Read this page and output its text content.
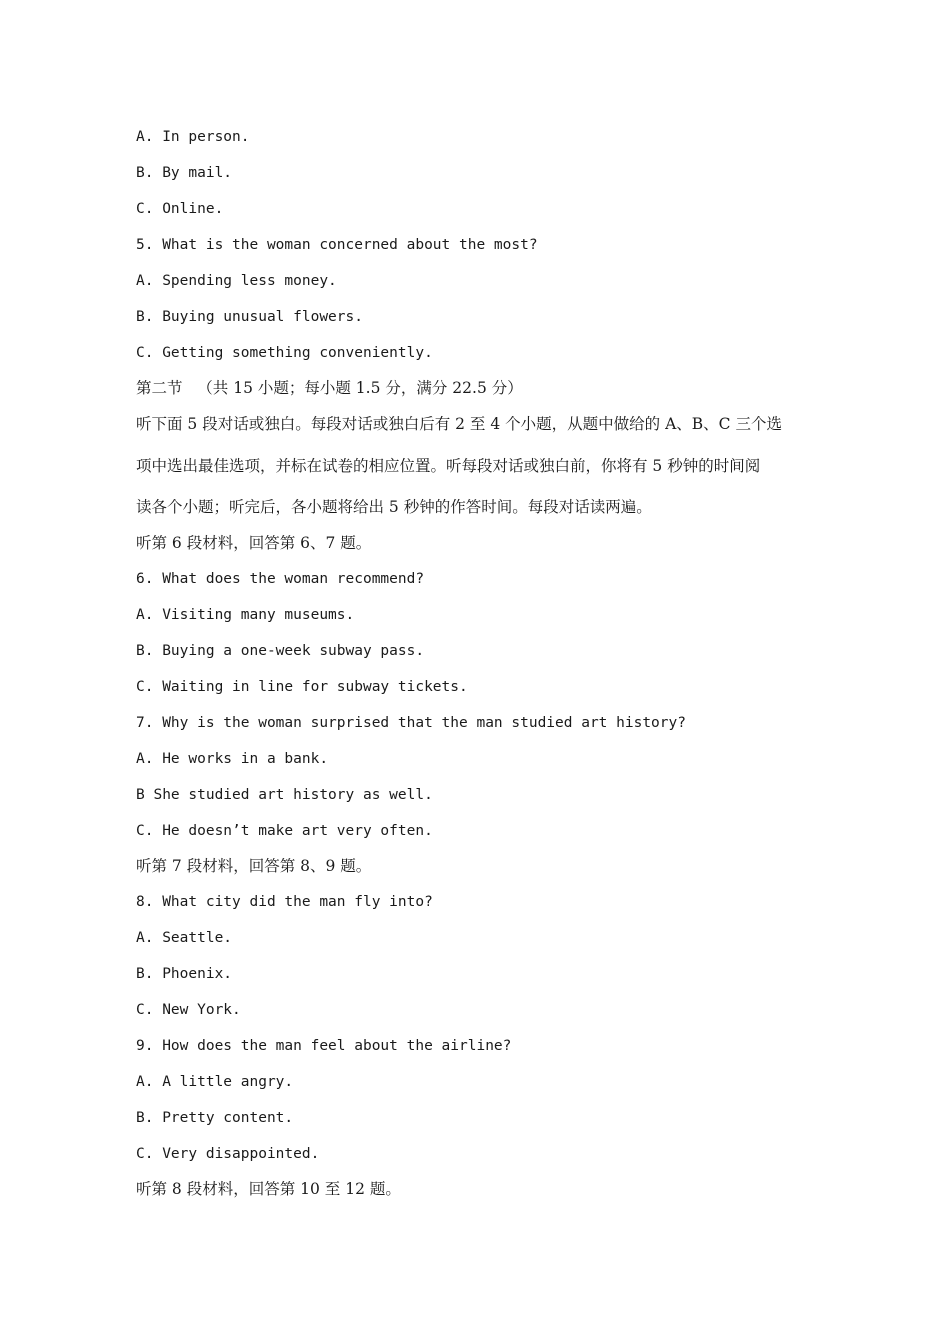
A. In person.
B. By mail.
C. Online.
5. What is the woman concerned about the most?
A. Spending less money.
B. Buying unusual flowers.
C. Getting something conveniently.
第二节   （共 15 小题；每小题 1.5 分，满分 22.5 分）
听下面 5 段对话或独白。每段对话或独白后有 2 至 4 个小题，从题中做给的 A、B、C 三个选
项中选出最佳选项，并标在试卷的相应位置。听每段对话或独白前，你将有 5 秒钟的时间阅
读各个小题；听完后，各小题将给出 5 秒钟的作答时间。每段对话读两遍。
听第 6 段材料，回答第 6、7 题。
6. What does the woman recommend?
A. Visiting many museums.
B. Buying a one-week subway pass.
C. Waiting in line for subway tickets.
7. Why is the woman surprised that the man studied art history?
A. He works in a bank.
B She studied art history as well.
C. He doesn’t make art very often.
听第 7 段材料，回答第 8、9 题。
8. What city did the man fly into?
A. Seattle.
B. Phoenix.
C. New York.
9. How does the man feel about the airline?
A. A little angry.
B. Pretty content.
C. Very disappointed.
听第 8 段材料，回答第 10 至 12 题。
